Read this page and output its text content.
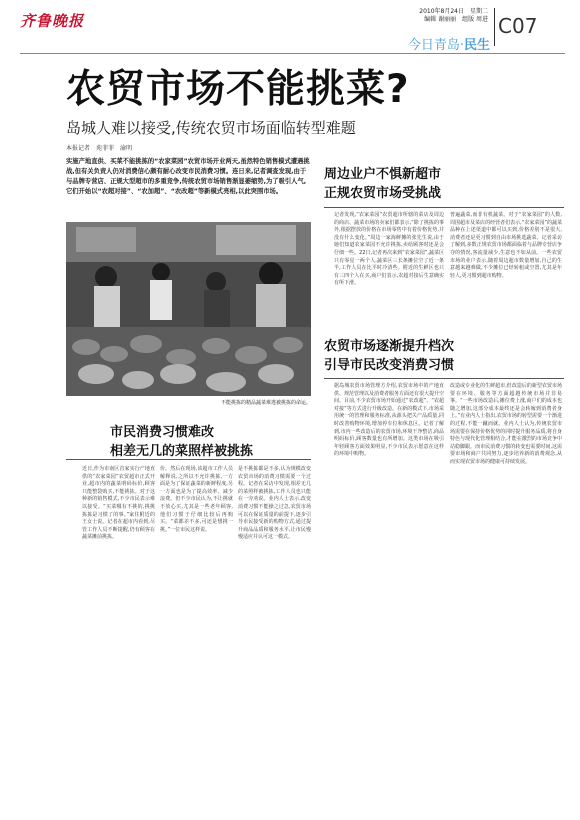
齐鲁晚报
2010年8月24日　星期二
编辑 谢丽丽　组版 周进 C07
今日青岛·民生
农贸市场不能挑菜?
岛城人难以接受,传统农贸市场面临转型难题
本报记者　苑菲菲　渝明
实施产地直供、买菜不能挑拣的“农家菜园”农贸市场开业两天,虽然特色销售模式遭遇挑战,但有关负责人仍对消费信心颇有耐心改变市民消费习惯。连日来,记者调查发现,由于与品牌专营店、正规大型超市的多重竞争,传统农贸市场销售渐显萎缩势,为了吸引人气,它们开始以“农超对接”、“农加超”、“农改超”等新模式亮相,以此突围市场。
不能挑拣的精品蔬菜难逃被挑拣的命运。
周边业户不惧新超市
正规农贸市场受挑战
记者发现,“农家菜园”农贸超市所辖的菜店及周边的商店、蔬菜市场的卖家们都表示,“除了挑拣的事外,根据摆放的价格在市场零售中有着价格优势,并没有什么变化。”周边一家海鲜摊的张先生说,由于她们知道农家菜园不允许挑拣,卖给顾客时还是会仔细一些。22日,记者再次来到“农家菜园”,蔬菜区只有零星一两个人,蔬菜区三长条摊位空了近一条半,工作人员在比平时冷清些。附近的生鲜区也只有三四个人在买,商户们表示,农超对接后生意确实有所下滑。
普遍蔬菜,而非有机蔬菜。对于“农家菜园”的人数,周围超市及菜店的经营者们表示,“农家菜园”的蔬菜品种在上述渠道中都可以买到,价格差别不是很大,消费者还是更习惯到自由市场挑选蔬菜。记者采访了解到,多数正规农贸市场都面临着与品牌专营店争夺的情况,客流量减少,生意也不如从前。一些农贸市场的业户表示,随着周边超市数量增加,自己的生意越来越难做,不少摊位已经转租或空置,尤其是年轻人,更习惯到超市购物。
农贸市场逐渐提升档次
引导市民改变消费习惯
据岛城农贸市场管理方介绍,农贸市场中的产地直供、规范管理以及消费者服务方面还有很大提升空间。目前,不少农贸市场开始通过“农改超”、“农超对接”等方式进行升级改造。在新的模式下,市场采用统一的管理和服务标准,从源头把关产品质量,同时改善购物环境,增加停车位和休息区。记者了解到,市内一些改造后的农贸市场,环境干净整洁,商品明码标价,顾客数量也有所增加。这类市场在吸引年轻顾客方面效果明显,不少市民表示愿意在这样的环境中购物。
改造或专业化的生鲜超市,但改造后的新型农贸市场要在环境、服务等方面超越传统市场并非易事。“一些市场改造后,摊位费上涨,商户们的成本也随之增加,这部分成本最终还是会转嫁到消费者身上。”有业内人士指出,农贸市场的转型需要一个渐进的过程,不能一蹴而就。业内人士认为,传统农贸市场需要在保持价格优势的同时提升服务品质,将自身特色与现代化管理相结合,才能在激烈的市场竞争中站稳脚跟。而市民消费习惯的转变也需要时间,这需要市场和商户共同努力,逐步培养新的消费观念,从而实现农贸市场的健康可持续发展。
市民消费习惯难改
相差无几的菜照样被挑拣
近日,作为市南区首家实行产地直供的“农家菜园”农贸超市正式开业,超市内的蔬菜明码标价,顾客只能整袋购买,不能挑拣。对于这种新的销售模式,不少市民表示难以接受。“买菜哪有不挑的,挑挑拣拣是习惯了的事。”家住附近的王女士说。记者在超市内看到,尽管工作人员不断提醒,仍有顾客在蔬菜摊前挑拣。
价。然后在现场,该超市工作人员解释说,之所以不允许挑拣,一方面是为了保证蔬菜的新鲜程度,另一方面也是为了提高效率、减少浪费。但不少市民认为,不让挑就不放心买,尤其是一些老年顾客,他们习惯于仔细比较后再购买。“菜都差不多,可还是想挑一挑。”一位市民这样说。
是不挑拣都是不多,认为规模改变农贸市场的消费习惯需要一个过程。记者在采访中发现,相差无几的菜照样被挑拣,工作人员也只能在一旁劝说。业内人士表示,改变消费习惯不能操之过急,农贸市场可以在保证质量的前提下,逐步引导市民接受新的购物方式,通过提升商品品质和服务水平,让市民慢慢适应并认可这一模式。
